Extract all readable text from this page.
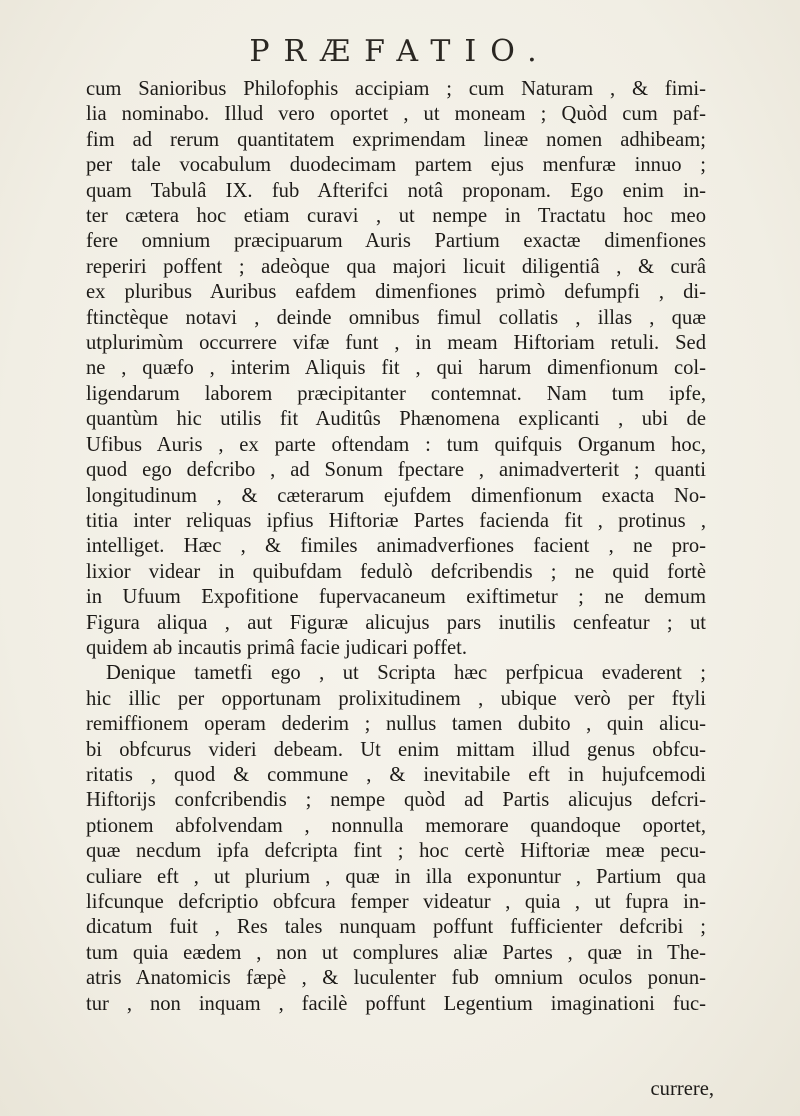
PRÆFATIO.
cum Sanioribus Philofophis accipiam ; cum Naturam , & fimi-
lia nominabo. Illud vero oportet , ut moneam ; Quòd cum paf-
fim ad rerum quantitatem exprimendam lineæ nomen adhibeam;
per tale vocabulum duodecimam partem ejus menfuræ innuo ;
quam Tabulâ IX. fub Afterifci notâ proponam. Ego enim in-
ter cætera hoc etiam curavi , ut nempe in Tractatu hoc meo
fere omnium præcipuarum Auris Partium exactæ dimenfiones
reperiri poffent ; adeòque qua majori licuit diligentiâ , & curâ
ex pluribus Auribus eafdem dimenfiones primò defumpfi , di-
ftinctèque notavi , deinde omnibus fimul collatis , illas , quæ
utplurimùm occurrere vifæ funt , in meam Hiftoriam retuli. Sed
ne , quæfo , interim Aliquis fit , qui harum dimenfionum col-
ligendarum laborem præcipitanter contemnat. Nam tum ipfe,
quantùm hic utilis fit Auditûs Phænomena explicanti , ubi de
Ufibus Auris , ex parte oftendam : tum quifquis Organum hoc,
quod ego defcribo , ad Sonum fpectare , animadverterit ; quanti
longitudinum , & cæterarum ejufdem dimenfionum exacta No-
titia inter reliquas ipfius Hiftoriæ Partes facienda fit , protinus ,
intelliget. Hæc , & fimiles animadverfiones facient , ne pro-
lixior videar in quibufdam fedulò defcribendis ; ne quid fortè
in Ufuum Expofitione fupervacaneum exiftimetur ; ne demum
Figura aliqua , aut Figuræ alicujus pars inutilis cenfeatur ; ut
quidem ab incautis primâ facie judicari poffet.
Denique tametfi ego , ut Scripta hæc perfpicua evaderent ;
hic illic per opportunam prolixitudinem , ubique verò per ftyli
remiffionem operam dederim ; nullus tamen dubito , quin alicu-
bi obfcurus videri debeam. Ut enim mittam illud genus obfcu-
ritatis , quod & commune , & inevitabile eft in hujufcemodi
Hiftorijs confcribendis ; nempe quòd ad Partis alicujus defcri-
ptionem abfolvendam , nonnulla memorare quandoque oportet,
quæ necdum ipfa defcripta fint ; hoc certè Hiftoriæ meæ pecu-
culiare eft , ut plurium , quæ in illa exponuntur , Partium qua
lifcunque defcriptio obfcura femper videatur , quia , ut fupra in-
dicatum fuit , Res tales nunquam poffunt fufficienter defcribi ;
tum quia eædem , non ut complures aliæ Partes , quæ in The-
atris Anatomicis fæpè , & luculenter fub omnium oculos ponun-
tur , non inquam , facilè poffunt Legentium imaginationi fuc-
currere,
